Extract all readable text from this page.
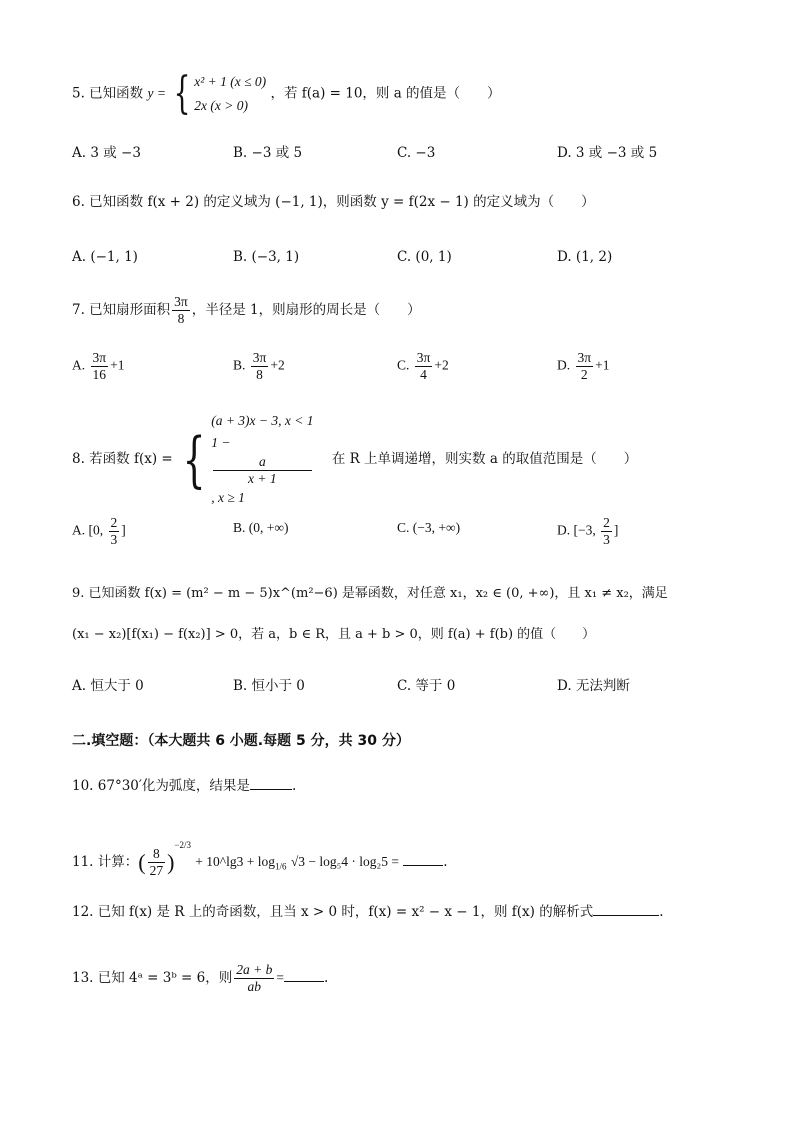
5. 已知函数 y = { x² + 1 (x ≤ 0)
2x (x > 0)
，若 f(a) = 10，则 a 的值是（　　）
A. 3 或 −3	B. −3 或 5	C. −3	D. 3 或 −3 或 5
6. 已知函数 f(x + 2) 的定义域为 (−1, 1)，则函数 y = f(2x − 1) 的定义域为（　　）
A. (−1, 1)	B. (−3, 1)	C. (0, 1)	D. (1, 2)
7. 已知扇形面积 $\frac{3\pi}{8}$ ，半径是 1，则扇形的周长是（　　）
A. $\frac{3\pi}{16} +1$	B. $\frac{3\pi}{8} +2$	C. $\frac{3\pi}{4} +2$	D. $\frac{3\pi}{2} +1$
8. 若函数 f(x) = {
(a + 3)x − 3, x < 1
1 −
a
x + 1
, x ≥ 1
在 R 上单调递增，则实数 a 的取值范围是（　　）
A. [0, $\frac{2}{3}$ ]	B. (0, +∞)	C. (−3, +∞)	D. [−3, $\frac{2}{3}$ ]
9. 已知函数 f(x) = (m² − m − 5)x^(m²−6) 是幂函数，对任意 x₁，x₂ ∈ (0, +∞)，且 x₁ ≠ x₂，满足
(x₁ − x₂)[f(x₁) − f(x₂)] > 0，若 a，b ∈ R，且 a + b > 0，则 f(a) + f(b) 的值（　　）
A. 恒大于 0	B. 恒小于 0	C. 等于 0	D. 无法判断
二.填空题：（本大题共 6 小题.每题 5 分，共 30 分）
10. 67°30′化为弧度，结果是	.
11. 计算：( $\frac{8}{27} )^{-2/3}$ + 10^lg3 + $\log_{1/6} √3 - \log_54 \cdot \log_25$ =	.
12. 已知 f(x) 是 R 上的奇函数，且当 x > 0 时，f(x) = x² − x − 1，则 f(x) 的解析式	.
13. 已知 4ᵃ = 3ᵇ = 6，则 $\frac{2a + b}{ab}$ =	.
